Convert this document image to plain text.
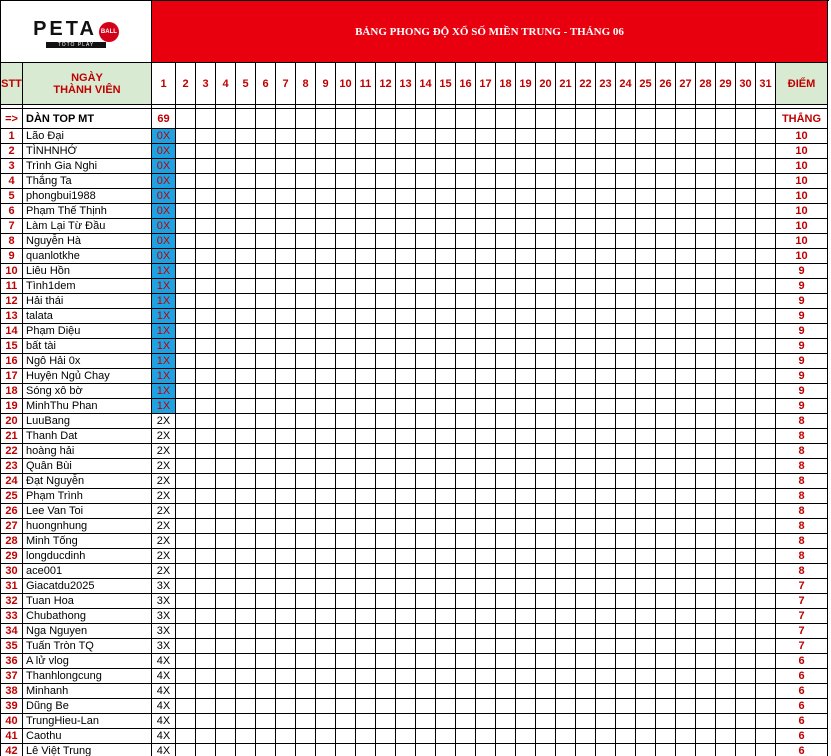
PETA BALL
TOTO PLAY		BẢNG PHONG ĐỘ XỔ SỐ MIỀN TRUNG - THÁNG 06																																
STT	NGÀY
THÀNH VIÊN	1	2	3	4	5	6	7	8	9	10	11	12	13	14	15	16	17	18	19	20	21	22	23	24	25	26	27	28	29	30	31	ĐIỂM	

=>	DÀN TOP MT	69																															THẮNG	
1	Lão Đại	0X																															10	
2	TÌNHNHỚ	0X																															10	
3	Trình Gia Nghi	0X																															10	
4	Thắng Ta	0X																															10	
5	phongbui1988	0X																															10	
6	Phạm Thế Thịnh	0X																															10	
7	Làm Lại Từ Đầu	0X																															10	
8	Nguyễn Hà	0X																															10	
9	quanlotkhe	0X																															10	
10	Liêu Hồn	1X																															9	
11	Tình1dem	1X																															9	
12	Hải thái	1X																															9	
13	talata	1X																															9	
14	Phạm Diệu	1X																															9	
15	bất tài	1X																															9	
16	Ngô Hải 0x	1X																															9	
17	Huyện Ngủ Chay	1X																															9	
18	Sóng xô bờ	1X																															9	
19	MinhThu Phan	1X																															9	
20	LuuBang	2X																															8	
21	Thanh Dat	2X																															8	
22	hoàng hải	2X																															8	
23	Quân Bùi	2X																															8	
24	Đạt Nguyễn	2X																															8	
25	Phạm Trình	2X																															8	
26	Lee Van Toi	2X																															8	
27	huongnhung	2X																															8	
28	Minh Tống	2X																															8	
29	longducdinh	2X																															8	
30	ace001	2X																															8	
31	Giacatdu2025	3X																															7	
32	Tuan Hoa	3X																															7	
33	Chubathong	3X																															7	
34	Nga Nguyen	3X																															7	
35	Tuấn Tròn TQ	3X																															7	
36	A lử vlog	4X																															6	
37	Thanhlongcung	4X																															6	
38	Minhanh	4X																															6	
39	Dũng Be	4X																															6	
40	TrungHieu-Lan	4X																															6	
41	Caothu	4X																															6	
42	Lê Việt Trung	4X																															6	
